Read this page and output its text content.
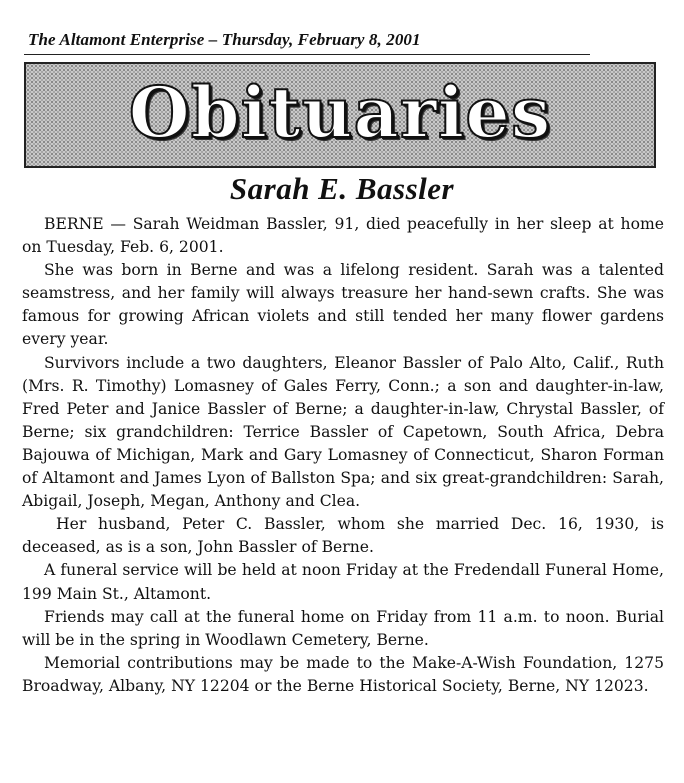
The Altamont Enterprise – Thursday, February 8, 2001
Obituaries
Sarah E. Bassler

BERNE — Sarah Weidman Bassler, 91, died peacefully in her sleep at home on Tuesday, Feb. 6, 2001.

She was born in Berne and was a lifelong resident. Sarah was a talented seamstress, and her family will always treasure her hand-sewn crafts. She was famous for growing African violets and still tended her many flower gardens every year.

Survivors include a two daughters, Eleanor Bassler of Palo Alto, Calif., Ruth (Mrs. R. Timothy) Lomasney of Gales Ferry, Conn.; a son and daughter-in-law, Fred Peter and Janice Bassler of Berne; a daughter-in-law, Chrystal Bassler, of Berne; six grandchildren: Terrice Bassler of Capetown, South Africa, Debra Bajouwa of Michigan, Mark and Gary Lomasney of Connecticut, Sharon Forman of Altamont and James Lyon of Ballston Spa; and six great-grandchildren: Sarah, Abigail, Joseph, Megan, Anthony and Clea.

Her husband, Peter C. Bassler, whom she married Dec. 16, 1930, is deceased, as is a son, John Bassler of Berne.

A funeral service will be held at noon Friday at the Fredendall Funeral Home, 199 Main St., Altamont.

Friends may call at the funeral home on Friday from 11 a.m. to noon. Burial will be in the spring in Woodlawn Cemetery, Berne.

Memorial contributions may be made to the Make-A-Wish Foundation, 1275 Broadway, Albany, NY 12204 or the Berne Historical Society, Berne, NY 12023.
